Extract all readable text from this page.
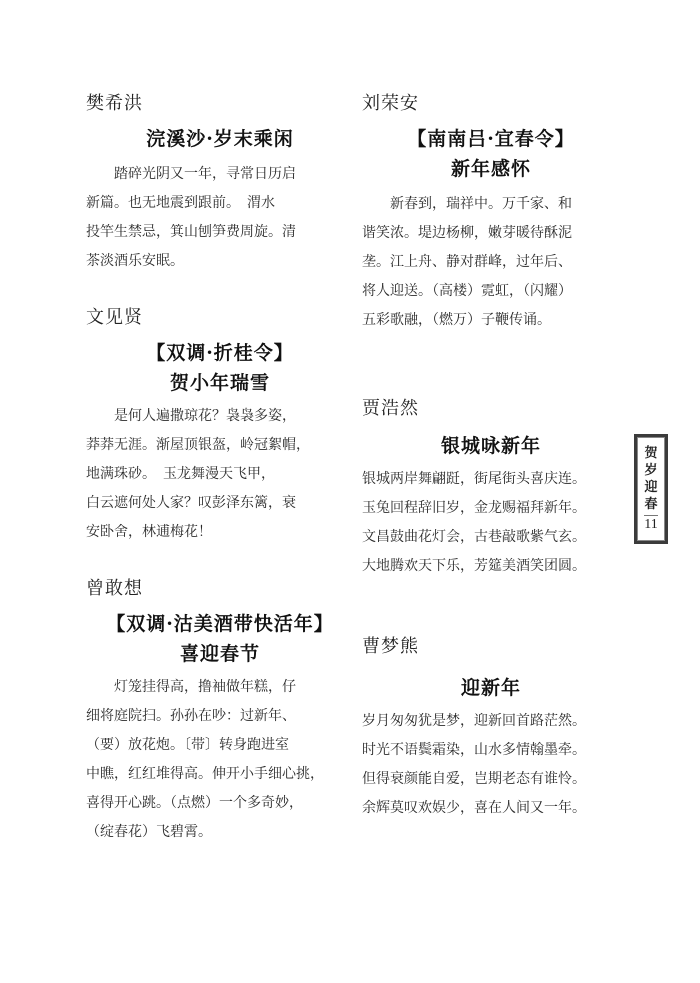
樊希洪
浣溪沙·岁末乘闲
踏碎光阴又一年，寻常日历启
新篇。也无地震到跟前。　渭水
投竿生禁忌，箕山刨笋费周旋。清
茶淡酒乐安眠。
文见贤
【双调·折桂令】
贺小年瑞雪
是何人遍撒琼花？袅袅多姿，
莽莽无涯。渐屋顶银盔，岭冠絮帽，
地满珠砂。　玉龙舞漫天飞甲，
白云遮何处人家？叹彭泽东篱，衰
安卧舍，林逋梅花！
曾敢想
【双调·沽美酒带快活年】
喜迎春节
灯笼挂得高，撸袖做年糕，仔
细将庭院扫。孙孙在吵：过新年、
（要）放花炮。〔带〕转身跑进室
中瞧，红红堆得高。伸开小手细心挑，
喜得开心跳。（点燃）一个多奇妙，
（绽春花）飞碧霄。
刘荣安
【南南吕·宜春令】
新年感怀
新春到，瑞祥中。万千家、和
谐笑浓。堤边杨柳，嫩芽暖待酥泥
垄。江上舟、静对群峰，过年后、
将人迎送。（高楼）霓虹，（闪耀）
五彩歌融，（燃万）子鞭传诵。
贾浩然
银城咏新年
银城两岸舞翩跹，街尾街头喜庆连。
玉兔回程辞旧岁，金龙赐福拜新年。
文昌鼓曲花灯会，古巷敲歌紫气玄。
大地腾欢天下乐，芳筵美酒笑团圆。
曹梦熊
迎新年
岁月匆匆犹是梦，迎新回首路茫然。
时光不语鬓霜染，山水多情翰墨牵。
但得衰颜能自爱，岂期老态有谁怜。
余辉莫叹欢娱少，喜在人间又一年。
贺
岁
迎
春
11
